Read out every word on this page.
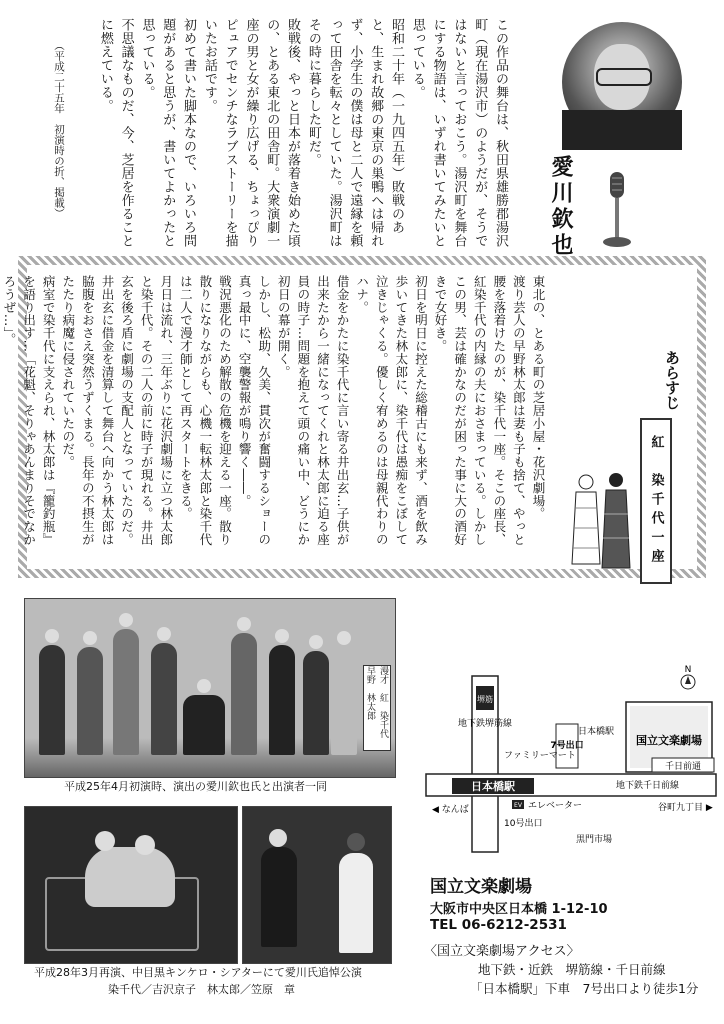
この作品の舞台は、秋田県雄勝郡湯沢町（現在湯沢市）のようだが、そうではないと言っておこう。湯沢町を舞台にする物語は、いずれ書いてみたいと思っている。

昭和二十年（一九四五年）敗戦のあと、生まれ故郷の東京の巣鴨へは帰れず、小学生の僕は母と二人で遠縁を頼って田舎を転々としていた。湯沢町はその時に暮らした町だ。

敗戦後、やっと日本が落着き始めた頃の、とある東北の田舎町。大衆演劇一座の男と女が繰り広げる、ちょっぴりピュアでセンチなラブストーリーを描いたお話です。

初めて書いた脚本なので、いろいろ問題があると思うが、書いてよかったと思っている。

不思議なものだ、今、芝居を作ることに燃えている。

（平成二十五年　初演時の折、掲載）	愛川欽也

東北の、とある町の芝居小屋・花沢劇場。

渡り芸人の早野林太郎は妻も子も捨て、やっと腰を落着けたのが、染千代一座。そこの座長、紅染千代の内縁の夫におさまっている。しかしこの男、芸は確かなのだが困った事に大の酒好きで女好き。

初日を明日に控えた総稽古にも来ず、酒を飲み歩いてきた林太郎に、染千代は愚痴をこぼして泣きじゃくる。優しく宥めるのは母親代わりのハナ。

借金をかたに染千代に言い寄る井出玄…子供が出来たから一緒になってくれと林太郎に迫る座員の時子…問題を抱えて頭の痛い中、どうにか初日の幕が開く。

しかし、松助、久美、貫次が奮闘するショーの真っ最中に、空襲警報が鳴り響く――。

戦況悪化のため解散の危機を迎える一座。散り散りになりながらも、心機一転林太郎と染千代は二人で漫才師として再スタートをきる。

月日は流れ、三年ぶりに花沢劇場に立つ林太郎と染千代。その二人の前に時子が現れる。井出玄を後ろ盾に劇場の支配人となっていたのだ。井出玄に借金を清算して舞台へ向かう林太郎は脇腹をおさえ突然うずくまる。長年の不摂生がたたり病魔に侵されていたのだ。

病室で染千代に支えられ、林太郎は『籠釣瓶』を語り出す…「花魁、そりゃあんまりそでなかろうぜ…」。

あらすじ
紅　染千代一座
漫才　紅　染千代　早野　林太郎
平成25年4月初演時、演出の愛川欽也氏と出演者一同
平成28年3月再演、中目黒キンケロ・シアターにて愛川氏追悼公演
染千代／吉沢京子　林太郎／笠原　章
日本橋駅
国立文楽劇場
7号出口
日本橋駅
地下鉄千日前線
千日前通
谷町九丁目 ▶
◀ なんば
堺筋
地下鉄堺筋線
ファミリーマート
EV エレベーター
10号出口
黒門市場
N
国立文楽劇場
大阪市中央区日本橋 1-12-10
TEL 06-6212-2531
〈国立文楽劇場アクセス〉
地下鉄・近鉄　堺筋線・千日前線
「日本橋駅」下車　7号出口より徒歩1分
